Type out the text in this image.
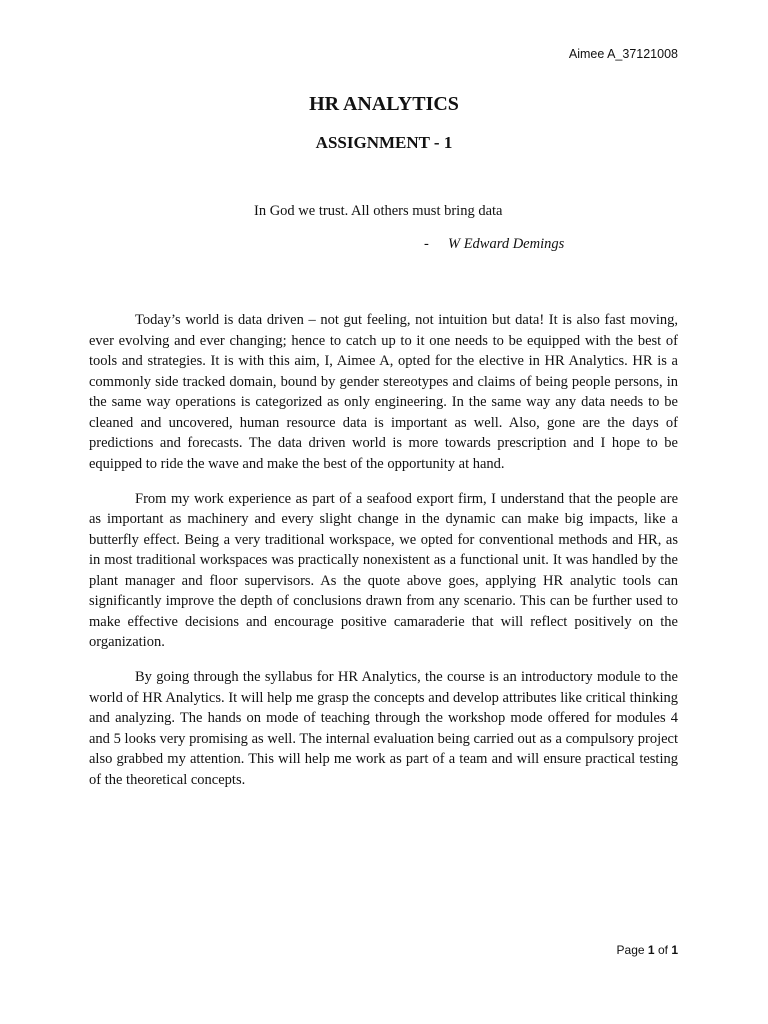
Aimee A_37121008
HR ANALYTICS
ASSIGNMENT - 1
In God we trust. All others must bring data
- W Edward Demings

Today’s world is data driven – not gut feeling, not intuition but data! It is also fast moving, ever evolving and ever changing; hence to catch up to it one needs to be equipped with the best of tools and strategies. It is with this aim, I, Aimee A, opted for the elective in HR Analytics. HR is a commonly side tracked domain, bound by gender stereotypes and claims of being people persons, in the same way operations is categorized as only engineering. In the same way any data needs to be cleaned and uncovered, human resource data is important as well. Also, gone are the days of predictions and forecasts. The data driven world is more towards prescription and I hope to be equipped to ride the wave and make the best of the opportunity at hand.

From my work experience as part of a seafood export firm, I understand that the people are as important as machinery and every slight change in the dynamic can make big impacts, like a butterfly effect. Being a very traditional workspace, we opted for conventional methods and HR, as in most traditional workspaces was practically nonexistent as a functional unit. It was handled by the plant manager and floor supervisors. As the quote above goes, applying HR analytic tools can significantly improve the depth of conclusions drawn from any scenario. This can be further used to make effective decisions and encourage positive camaraderie that will reflect positively on the organization.

By going through the syllabus for HR Analytics, the course is an introductory module to the world of HR Analytics. It will help me grasp the concepts and develop attributes like critical thinking and analyzing. The hands on mode of teaching through the workshop mode offered for modules 4 and 5 looks very promising as well. The internal evaluation being carried out as a compulsory project also grabbed my attention. This will help me work as part of a team and will ensure practical testing of the theoretical concepts.

Page 1 of 1
